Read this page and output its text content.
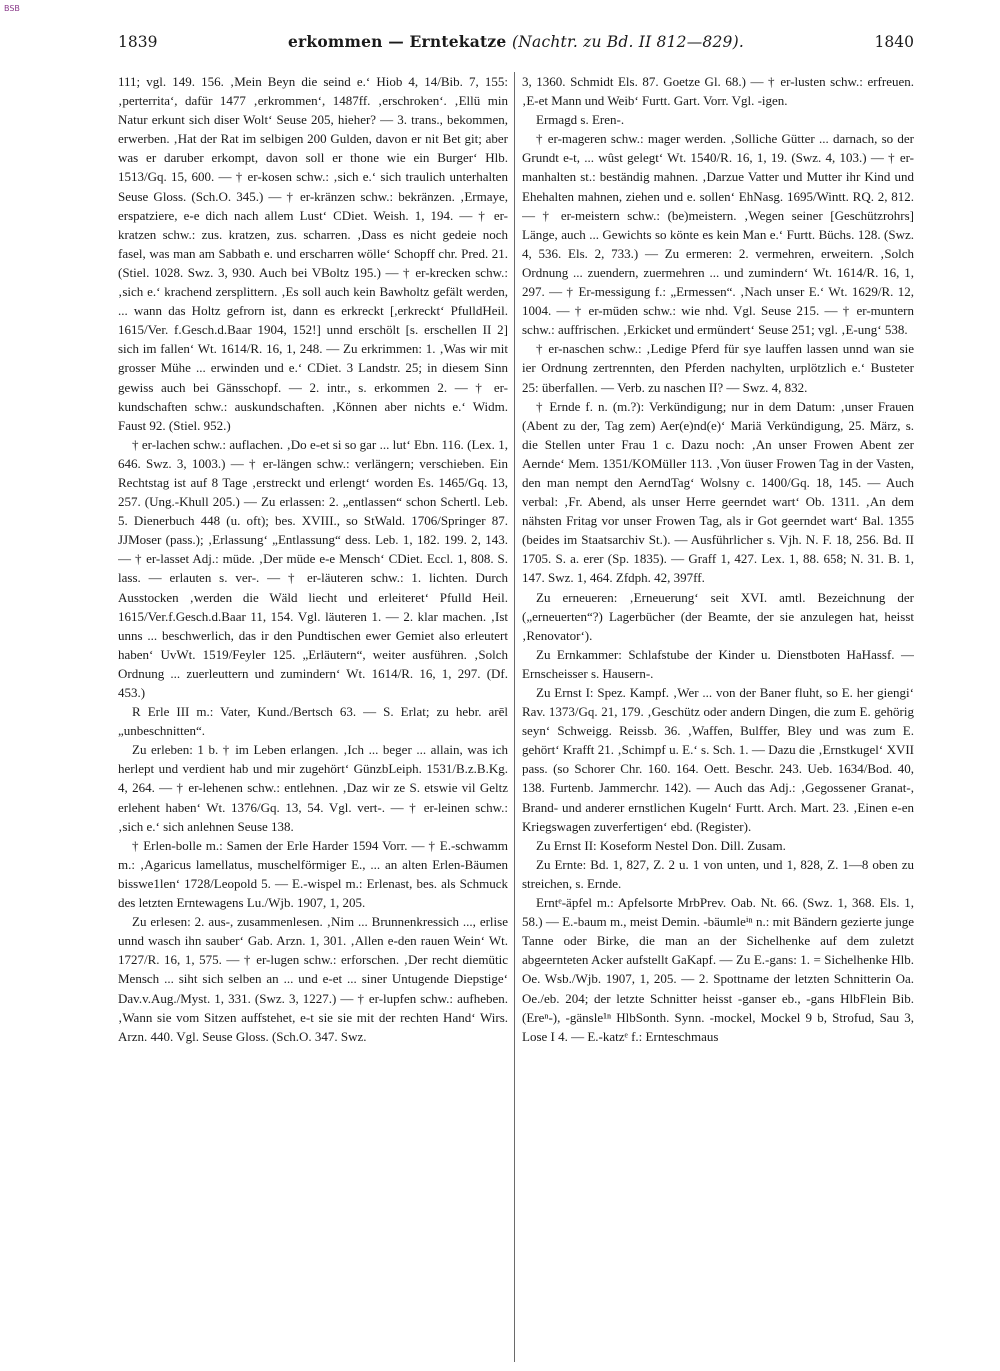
BSB
1839	erkommen — Erntekatze (Nachtr. zu Bd. II 812—829).	1840

111; vgl. 149. 156. ‚Mein Beyn die seind e.‘ Hiob 4, 14/Bib. 7, 155: ‚perterrita‘, dafür 1477 ‚erkrommen‘, 1487ff. ‚erschroken‘. ‚Ellü min Natur erkunt sich diser Wolt‘ Seuse 205, hieher? — 3. trans., bekommen, erwerben. ‚Hat der Rat im selbigen 200 Gulden, davon er nit Bet git; aber was er daruber erkompt, davon soll er thone wie ein Burger‘ Hlb. 1513/Gq. 15, 600. — † er-kosen schw.: ‚sich e.‘ sich traulich unterhalten Seuse Gloss. (Sch.O. 345.) — † er-kränzen schw.: bekränzen. ‚Ermaye, erspatziere, e-e dich nach allem Lust‘ CDiet. Weish. 1, 194. — † er-kratzen schw.: zus. kratzen, zus. scharren. ‚Dass es nicht gedeie noch fasel, was man am Sabbath e. und erscharren wölle‘ Schopff chr. Pred. 21. (Stiel. 1028. Swz. 3, 930. Auch bei VBoltz 195.) — † er-krecken schw.: ‚sich e.‘ krachend zersplittern. ‚Es soll auch kein Bawholtz gefält werden, ... wann das Holtz gefrorn ist, dann es erkreckt [,erkreckt‘ PfulldHeil. 1615/Ver. f.Gesch.d.Baar 1904, 152!] unnd erschölt [s. erschellen II 2] sich im fallen‘ Wt. 1614/R. 16, 1, 248. — Zu erkrimmen: 1. ‚Was wir mit grosser Mühe ... erwinden und e.‘ CDiet. 3 Landstr. 25; in diesem Sinn gewiss auch bei Gänsschopf. — 2. intr., s. erkommen 2. — † er-kundschaften schw.: auskundschaften. ‚Können aber nichts e.‘ Widm. Faust 92. (Stiel. 952.)

† er-lachen schw.: auflachen. ‚Do e-et si so gar ... lut‘ Ebn. 116. (Lex. 1, 646. Swz. 3, 1003.) — † er-längen schw.: verlängern; verschieben. Ein Rechtstag ist auf 8 Tage ‚erstreckt und erlengt‘ worden Es. 1465/Gq. 13, 257. (Ung.-Khull 205.) — Zu erlassen: 2. „entlassen“ schon Schertl. Leb. 5. Dienerbuch 448 (u. oft); bes. XVIII., so StWald. 1706/Springer 87. JJMoser (pass.); ‚Erlassung‘ „Entlassung“ dess. Leb. 1, 182. 199. 2, 143. — † er-lasset Adj.: müde. ‚Der müde e-e Mensch‘ CDiet. Eccl. 1, 808. S. lass. — erlauten s. ver-. — † er-läuteren schw.: 1. lichten. Durch Ausstocken ‚werden die Wäld liecht und erleiteret‘ Pfulld Heil. 1615/Ver.f.Gesch.d.Baar 11, 154. Vgl. läuteren 1. — 2. klar machen. ‚Ist unns ... beschwerlich, das ir den Pundtischen ewer Gemiet also erleutert haben‘ UvWt. 1519/Feyler 125. „Erläutern“, weiter ausführen. ‚Solch Ordnung ... zuerleuttern und zumindern‘ Wt. 1614/R. 16, 1, 297. (Df. 453.)

R Erle III m.: Vater, Kund./Bertsch 63. — S. Erlat; zu hebr. arēl „unbeschnitten“.

Zu erleben: 1 b. † im Leben erlangen. ‚Ich ... beger ... allain, was ich herlept und verdient hab und mir zugehört‘ GünzbLeiph. 1531/B.z.B.Kg. 4, 264. — † er-lehenen schw.: entlehnen. ‚Daz wir ze S. etswie vil Geltz erlehent haben‘ Wt. 1376/Gq. 13, 54. Vgl. vert-. — † er-leinen schw.: ‚sich e.‘ sich anlehnen Seuse 138.

† Erlen-bolle m.: Samen der Erle Harder 1594 Vorr. — † E.-schwamm m.: ‚Agaricus lamellatus, muschelförmiger E., ... an alten Erlen-Bäumen bisswe1len‘ 1728/Leopold 5. — E.-wispel m.: Erlenast, bes. als Schmuck des letzten Erntewagens Lu./Wjb. 1907, 1, 205.

Zu erlesen: 2. aus-, zusammenlesen. ‚Nim ... Brunnenkressich ..., erlise unnd wasch ihn sauber‘ Gab. Arzn. 1, 301. ‚Allen e-den rauen Wein‘ Wt. 1727/R. 16, 1, 575. — † er-lugen schw.: erforschen. ‚Der recht diemütic Mensch ... siht sich selben an ... und e-et ... siner Untugende Diepstige‘ Dav.v.Aug./Myst. 1, 331. (Swz. 3, 1227.) — † er-lupfen schw.: aufheben. ‚Wann sie vom Sitzen auffstehet, e-t sie sie mit der rechten Hand‘ Wirs. Arzn. 440. Vgl. Seuse Gloss. (Sch.O. 347. Swz.

3, 1360. Schmidt Els. 87. Goetze Gl. 68.) — † er-lusten schw.: erfreuen. ‚E-et Mann und Weib‘ Furtt. Gart. Vorr. Vgl. -igen.

Ermagd s. Eren-.

† er-mageren schw.: mager werden. ‚Solliche Gütter ... darnach, so der Grundt e-t, ... wûst gelegt‘ Wt. 1540/R. 16, 1, 19. (Swz. 4, 103.) — † er-manhalten st.: beständig mahnen. ‚Darzue Vatter und Mutter ihr Kind und Ehehalten mahnen, ziehen und e. sollen‘ EhNasg. 1695/Wintt. RQ. 2, 812. — † er-meistern schw.: (be)meistern. ‚Wegen seiner [Geschützrohrs] Länge, auch ... Gewichts so könte es kein Man e.‘ Furtt. Büchs. 128. (Swz. 4, 536. Els. 2, 733.) — Zu ermeren: 2. vermehren, erweitern. ‚Solch Ordnung ... zuendern, zuermehren ... und zumindern‘ Wt. 1614/R. 16, 1, 297. — † Er-messigung f.: „Ermessen“. ‚Nach unser E.‘ Wt. 1629/R. 12, 1004. — † er-müden schw.: wie nhd. Vgl. Seuse 215. — † er-muntern schw.: auffrischen. ‚Erkicket und ermündert‘ Seuse 251; vgl. ‚E-ung‘ 538.

† er-naschen schw.: ‚Ledige Pferd für sye lauffen lassen unnd wan sie ier Ordnung zertrennten, den Pferden nachylten, urplötzlich e.‘ Busteter 25: überfallen. — Verb. zu naschen II? — Swz. 4, 832.

† Ernde f. n. (m.?): Verkündigung; nur in dem Datum: ‚unser Frauen (Abent zu der, Tag zem) Aer(e)nd(e)‘ Mariä Verkündigung, 25. März, s. die Stellen unter Frau 1 c. Dazu noch: ‚An unser Frowen Abent zer Aernde‘ Mem. 1351/KOMüller 113. ‚Von üuser Frowen Tag in der Vasten, den man nempt den AerndTag‘ Wolsny c. 1400/Gq. 18, 145. — Auch verbal: ‚Fr. Abend, als unser Herre geerndet wart‘ Ob. 1311. ‚An dem nähsten Fritag vor unser Frowen Tag, als ir Got geerndet wart‘ Bal. 1355 (beides im Staatsarchiv St.). — Ausführlicher s. Vjh. N. F. 18, 256. Bd. II 1705. S. a. erer (Sp. 1835). — Graff 1, 427. Lex. 1, 88. 658; N. 31. B. 1, 147. Swz. 1, 464. Zfdph. 42, 397ff.

Zu erneueren: ‚Erneuerung‘ seit XVI. amtl. Bezeichnung der („erneuerten“?) Lagerbücher (der Beamte, der sie anzulegen hat, heisst ‚Renovator‘).

Zu Ernkammer: Schlafstube der Kinder u. Dienstboten HaHassf. — Ernscheisser s. Hausern-.

Zu Ernst I: Spez. Kampf. ‚Wer ... von der Baner fluht, so E. her giengi‘ Rav. 1373/Gq. 21, 179. ‚Geschütz oder andern Dingen, die zum E. gehörig seyn‘ Schweigg. Reissb. 36. ‚Waffen, Bulffer, Bley und was zum E. gehört‘ Krafft 21. ‚Schimpf u. E.‘ s. Sch. 1. — Dazu die ‚Ernstkugel‘ XVII pass. (so Schorer Chr. 160. 164. Oett. Beschr. 243. Ueb. 1634/Bod. 40, 138. Furtenb. Jammerchr. 142). — Auch das Adj.: ‚Gegossener Granat-, Brand- und anderer ernstlichen Kugeln‘ Furtt. Arch. Mart. 23. ‚Einen e-en Kriegswagen zuverfertigen‘ ebd. (Register).

Zu Ernst II: Koseform Nestel Don. Dill. Zusam.

Zu Ernte: Bd. 1, 827, Z. 2 u. 1 von unten, und 1, 828, Z. 1—8 oben zu streichen, s. Ernde.

Erntᵉ-äpfel m.: Apfelsorte MrbPrev. Oab. Nt. 66. (Swz. 1, 368. Els. 1, 58.) — E.-baum m., meist Demin. -bäumleⁱⁿ n.: mit Bändern gezierte junge Tanne oder Birke, die man an der Sichelhenke auf dem zuletzt abgeernteten Acker aufstellt GaKapf. — Zu E.-gans: 1. = Sichelhenke Hlb. Oe. Wsb./Wjb. 1907, 1, 205. — 2. Spottname der letzten Schnitterin Oa. Oe./eb. 204; der letzte Schnitter heisst -ganser eb., -gans HlbFlein Bib. (Ereⁿ-), -gänsle¹ⁿ HlbSonth. Synn. -mockel, Mockel 9 b, Strofud, Sau 3, Lose I 4. — E.-katzᵉ f.: Ernteschmaus
